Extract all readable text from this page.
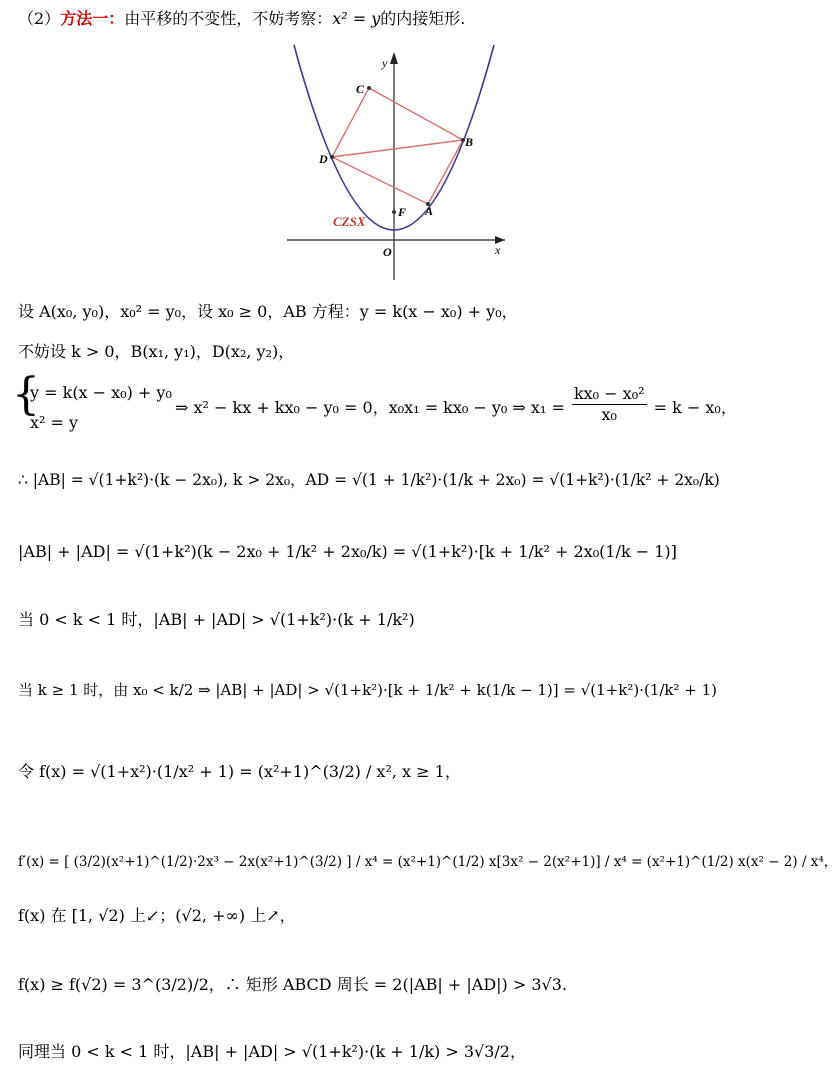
（2）方法一：由平移的不变性，不妨考察：x² = y的内接矩形.
y
x
O
A
B
C
D
F
CZSX
设 A(x₀, y₀)，x₀² = y₀，设 x₀ ≥ 0，AB 方程：y = k(x − x₀) + y₀，
不妨设 k > 0，B(x₁, y₁)，D(x₂, y₂)，
{
y = k(x − x₀) + y₀
x² = y
⇒ x² − kx + kx₀ − y₀ = 0，x₀x₁ = kx₀ − y₀ ⇒ $x_1 = \frac{\text{kx₀ − x₀²}}{\text{x₀}} = k - x_0$，
∴ |AB| = √(1+k²)·(k − 2x₀), k > 2x₀，AD = √(1 + 1/k²)·(1/k + 2x₀) = √(1+k²)·(1/k² + 2x₀/k)
|AB| + |AD| = √(1+k²)(k − 2x₀ + 1/k² + 2x₀/k) = √(1+k²)·[k + 1/k² + 2x₀(1/k − 1)]
当 0 < k < 1 时，|AB| + |AD| > √(1+k²)·(k + 1/k²)
当 k ≥ 1 时，由 x₀ < k/2 ⇒ |AB| + |AD| > √(1+k²)·[k + 1/k² + k(1/k − 1)] = √(1+k²)·(1/k² + 1)
令 f(x) = √(1+x²)·(1/x² + 1) = (x²+1)^(3/2) / x², x ≥ 1，
f′(x) = [ (3/2)(x²+1)^(1/2)·2x³ − 2x(x²+1)^(3/2) ] / x⁴ = (x²+1)^(1/2) x[3x² − 2(x²+1)] / x⁴ = (x²+1)^(1/2) x(x² − 2) / x⁴，
f(x) 在 [1, √2) 上↙；(√2, +∞) 上↗，
f(x) ≥ f(√2) = 3^(3/2)/2，∴ 矩形 ABCD 周长 = 2(|AB| + |AD|) > 3√3.
同理当 0 < k < 1 时，|AB| + |AD| > √(1+k²)·(k + 1/k) > 3√3/2，
